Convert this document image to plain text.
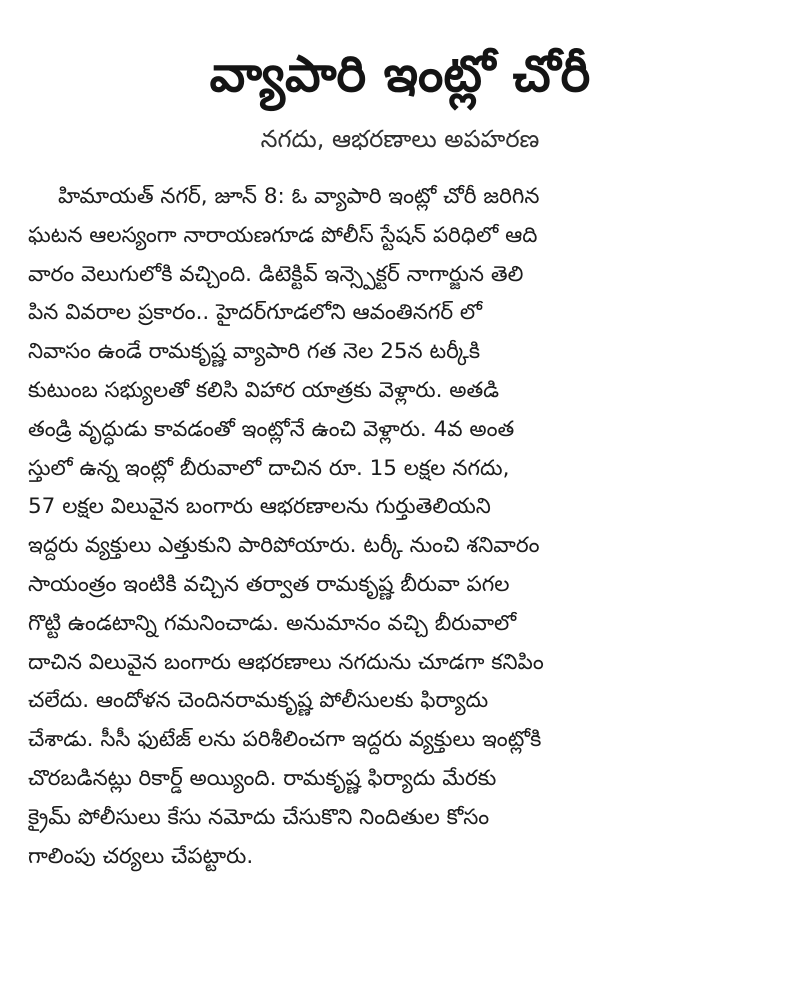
వ్యాపారి ఇంట్లో చోరీ
నగదు, ఆభరణాలు అపహరణ
హిమాయత్ నగర్, జూన్ 8: ఓ వ్యాపారి ఇంట్లో చోరీ జరిగిన
ఘటన ఆలస్యంగా నారాయణగూడ పోలీస్ స్టేషన్ పరిధిలో ఆది
వారం వెలుగులోకి వచ్చింది. డిటెక్టివ్ ఇన్స్పెక్టర్ నాగార్జున తెలి
పిన వివరాల ప్రకారం.. హైదర్‌గూడలోని ఆవంతినగర్ లో
నివాసం ఉండే రామకృష్ణ వ్యాపారి గత నెల 25న టర్కీకి
కుటుంబ సభ్యులతో కలిసి విహార యాత్రకు వెళ్లారు. అతడి
తండ్రి వృద్ధుడు కావడంతో ఇంట్లోనే ఉంచి వెళ్లారు. 4వ అంత
స్తులో ఉన్న ఇంట్లో బీరువాలో దాచిన రూ. 15 లక్షల నగదు,
57 లక్షల విలువైన బంగారు ఆభరణాలను గుర్తుతెలియని
ఇద్దరు వ్యక్తులు ఎత్తుకుని పారిపోయారు. టర్కీ నుంచి శనివారం
సాయంత్రం ఇంటికి వచ్చిన తర్వాత రామకృష్ణ బీరువా పగల
గొట్టి ఉండటాన్ని గమనించాడు. అనుమానం వచ్చి బీరువాలో
దాచిన విలువైన బంగారు ఆభరణాలు నగదును చూడగా కనిపిం
చలేదు. ఆందోళన చెందినరామకృష్ణ పోలీసులకు ఫిర్యాదు
చేశాడు. సీసీ ఫుటేజ్ లను పరిశీలించగా ఇద్దరు వ్యక్తులు ఇంట్లోకి
చొరబడినట్లు రికార్డ్ అయ్యింది. రామకృష్ణ ఫిర్యాదు మేరకు
క్రైమ్ పోలీసులు కేసు నమోదు చేసుకొని నిందితుల కోసం
గాలింపు చర్యలు చేపట్టారు.
